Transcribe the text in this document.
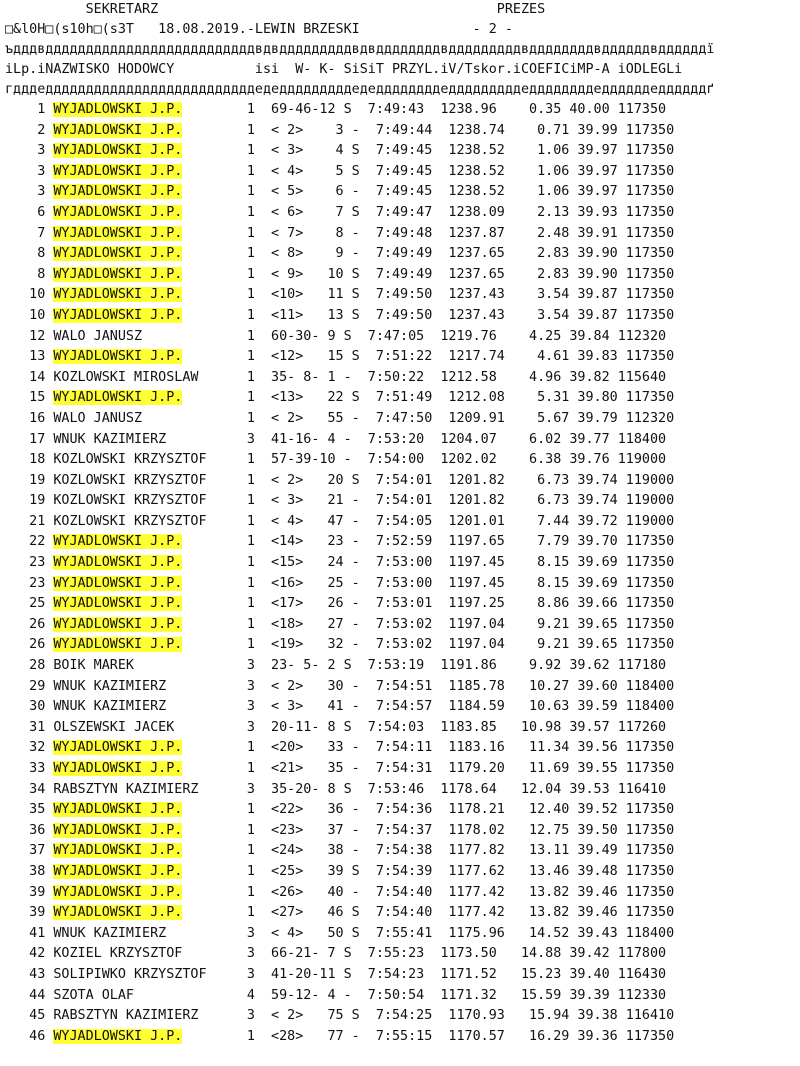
SEKRETARZ	PREZES
□&l0H□(s10h□(s3T   18.08.2019.-LEWIN BRZESKI              - 2 -
ъдддвддддддддддддддддддддддддддвдвдддддддддвдвддддддддвдддддддддвддддддддвддддддвддддддї
iLp.iNAZWISKO HODOWCY          isi  W- K- SiSiT PRZYL.iV/Tskor.iCOEFICiMP-A iODLEGLi
гдддеддддддддддддддддддддддддддедедддддддддедеддддддддедддддддддеддддддддеддддддеддддддґ
1 WYJADLOWSKI J.P.	1  69-46-12 S  7:49:43  1238.96    0.35 40.00 117350
2 WYJADLOWSKI J.P.	1  < 2>    3 -  7:49:44  1238.74    0.71 39.99 117350
3 WYJADLOWSKI J.P.	1  < 3>    4 S  7:49:45  1238.52    1.06 39.97 117350
3 WYJADLOWSKI J.P.	1  < 4>    5 S  7:49:45  1238.52    1.06 39.97 117350
3 WYJADLOWSKI J.P.	1  < 5>    6 -  7:49:45  1238.52    1.06 39.97 117350
6 WYJADLOWSKI J.P.	1  < 6>    7 S  7:49:47  1238.09    2.13 39.93 117350
7 WYJADLOWSKI J.P.	1  < 7>    8 -  7:49:48  1237.87    2.48 39.91 117350
8 WYJADLOWSKI J.P.	1  < 8>    9 -  7:49:49  1237.65    2.83 39.90 117350
8 WYJADLOWSKI J.P.	1  < 9>   10 S  7:49:49  1237.65    2.83 39.90 117350
10 WYJADLOWSKI J.P.	1  <10>   11 S  7:49:50  1237.43    3.54 39.87 117350
10 WYJADLOWSKI J.P.	1  <11>   13 S  7:49:50  1237.43    3.54 39.87 117350
12 WALO JANUSZ	1  60-30- 9 S  7:47:05  1219.76    4.25 39.84 112320
13 WYJADLOWSKI J.P.	1  <12>   15 S  7:51:22  1217.74    4.61 39.83 117350
14 KOZLOWSKI MIROSLAW      1  35- 8- 1 -  7:50:22  1212.58    4.96 39.82 115640
15 WYJADLOWSKI J.P.	1  <13>   22 S  7:51:49  1212.08    5.31 39.80 117350
16 WALO JANUSZ	1  < 2>   55 -  7:47:50  1209.91    5.67 39.79 112320
17 WNUK KAZIMIERZ	3  41-16- 4 -  7:53:20  1204.07    6.02 39.77 118400
18 KOZLOWSKI KRZYSZTOF     1  57-39-10 -  7:54:00  1202.02    6.38 39.76 119000
19 KOZLOWSKI KRZYSZTOF     1  < 2>   20 S  7:54:01  1201.82    6.73 39.74 119000
19 KOZLOWSKI KRZYSZTOF     1  < 3>   21 -  7:54:01  1201.82    6.73 39.74 119000
21 KOZLOWSKI KRZYSZTOF     1  < 4>   47 -  7:54:05  1201.01    7.44 39.72 119000
22 WYJADLOWSKI J.P.	1  <14>   23 -  7:52:59  1197.65    7.79 39.70 117350
23 WYJADLOWSKI J.P.	1  <15>   24 -  7:53:00  1197.45    8.15 39.69 117350
23 WYJADLOWSKI J.P.	1  <16>   25 -  7:53:00  1197.45    8.15 39.69 117350
25 WYJADLOWSKI J.P.	1  <17>   26 -  7:53:01  1197.25    8.86 39.66 117350
26 WYJADLOWSKI J.P.	1  <18>   27 -  7:53:02  1197.04    9.21 39.65 117350
26 WYJADLOWSKI J.P.	1  <19>   32 -  7:53:02  1197.04    9.21 39.65 117350
28 BOIK MAREK	3  23- 5- 2 S  7:53:19  1191.86    9.92 39.62 117180
29 WNUK KAZIMIERZ	3  < 2>   30 -  7:54:51  1185.78   10.27 39.60 118400
30 WNUK KAZIMIERZ	3  < 3>   41 -  7:54:57  1184.59   10.63 39.59 118400
31 OLSZEWSKI JACEK	3  20-11- 8 S  7:54:03  1183.85   10.98 39.57 117260
32 WYJADLOWSKI J.P.	1  <20>   33 -  7:54:11  1183.16   11.34 39.56 117350
33 WYJADLOWSKI J.P.	1  <21>   35 -  7:54:31  1179.20   11.69 39.55 117350
34 RABSZTYN KAZIMIERZ      3  35-20- 8 S  7:53:46  1178.64   12.04 39.53 116410
35 WYJADLOWSKI J.P.	1  <22>   36 -  7:54:36  1178.21   12.40 39.52 117350
36 WYJADLOWSKI J.P.	1  <23>   37 -  7:54:37  1178.02   12.75 39.50 117350
37 WYJADLOWSKI J.P.	1  <24>   38 -  7:54:38  1177.82   13.11 39.49 117350
38 WYJADLOWSKI J.P.	1  <25>   39 S  7:54:39  1177.62   13.46 39.48 117350
39 WYJADLOWSKI J.P.	1  <26>   40 -  7:54:40  1177.42   13.82 39.46 117350
39 WYJADLOWSKI J.P.	1  <27>   46 S  7:54:40  1177.42   13.82 39.46 117350
41 WNUK KAZIMIERZ	3  < 4>   50 S  7:55:41  1175.96   14.52 39.43 118400
42 KOZIEL KRZYSZTOF	3  66-21- 7 S  7:55:23  1173.50   14.88 39.42 117800
43 SOLIPIWKO KRZYSZTOF     3  41-20-11 S  7:54:23  1171.52   15.23 39.40 116430
44 SZOTA OLAF	4  59-12- 4 -  7:50:54  1171.32   15.59 39.39 112330
45 RABSZTYN KAZIMIERZ      3  < 2>   75 S  7:54:25  1170.93   15.94 39.38 116410
46 WYJADLOWSKI J.P.	1  <28>   77 -  7:55:15  1170.57   16.29 39.36 117350
